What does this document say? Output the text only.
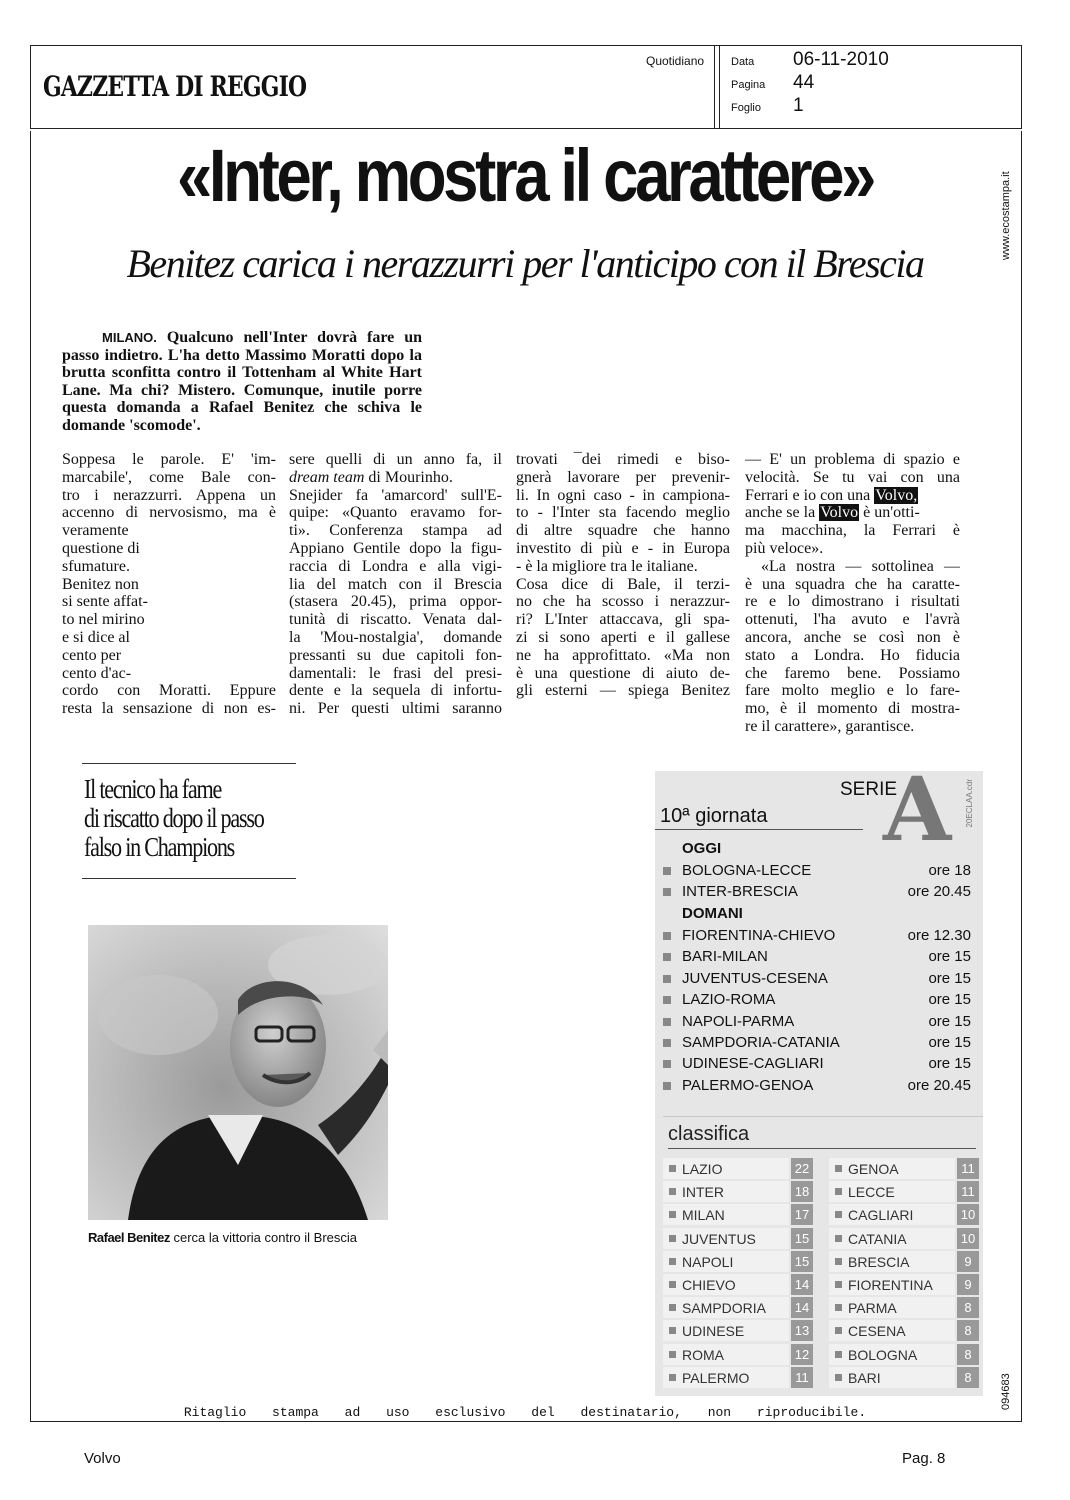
GAZZETTA DI REGGIO
Quotidiano Data 06-11-2010
Pagina 44
Foglio 1
www.ecostampa.it
094683
«Inter, mostra il carattere»
Benitez carica i nerazzurri per l'anticipo con il Brescia
MILANO. Qualcuno nell'Inter dovrà fare un passo indietro. L'ha detto Massimo Moratti dopo la brutta sconfitta contro il Tottenham al White Hart Lane. Ma chi? Mistero. Comunque, inutile porre questa domanda a Rafael Benitez che schiva le domande 'scomode'.

Soppesa le parole. E' 'im-

marcabile', come Bale con-

tro i nerazzurri. Appena un

accenno di nervosismo, ma è

veramente

questione di

sfumature.

Benitez non

si sente affat-

to nel mirino

e si dice al

cento per

cento d'ac-

cordo con Moratti. Eppure

resta la sensazione di non es-

sere quelli di un anno fa, il

dream team di Mourinho.

Snejider fa 'amarcord' sull'E-

quipe: «Quanto eravamo for-

ti». Conferenza stampa ad

Appiano Gentile dopo la figu-

raccia di Londra e alla vigi-

lia del match con il Brescia

(stasera 20.45), prima oppor-

tunità di riscatto. Venata dal-

la 'Mou-nostalgia', domande

pressanti su due capitoli fon-

damentali: le frasi del presi-

dente e la sequela di infortu-

ni. Per questi ultimi saranno

trovati ¯dei rimedi e biso-

gnerà lavorare per prevenir-

li. In ogni caso - in campiona-

to - l'Inter sta facendo meglio

di altre squadre che hanno

investito di più e - in Europa

- è la migliore tra le italiane.

Cosa dice di Bale, il terzi-

no che ha scosso i nerazzur-

ri? L'Inter attaccava, gli spa-

zi si sono aperti e il gallese

ne ha approfittato. «Ma non

è una questione di aiuto de-

gli esterni — spiega Benitez

— E' un problema di spazio e

velocità. Se tu vai con una

Ferrari e io con una Volvo,

anche se la Volvo è un'otti-

ma macchina, la Ferrari è

più veloce».

«La nostra — sottolinea —

è una squadra che ha caratte-

re e lo dimostrano i risultati

ottenuti, l'ha avuto e l'avrà

ancora, anche se così non è

stato a Londra. Ho fiducia

che faremo bene. Possiamo

fare molto meglio e lo fare-

mo, è il momento di mostra-

re il carattere», garantisce.

Il tecnico ha fame

di riscatto dopo il passo

falso in Champions

Rafael Benitez cerca la vittoria contro il Brescia
SERIE
A 20ECLAA.cdr
10ª giornata
OGGI
BOLOGNA-LECCE	ore 18
INTER-BRESCIA	ore 20.45
DOMANI
FIORENTINA-CHIEVO	ore 12.30
BARI-MILAN	ore 15
JUVENTUS-CESENA	ore 15
LAZIO-ROMA	ore 15
NAPOLI-PARMA	ore 15
SAMPDORIA-CATANIA	ore 15
UDINESE-CAGLIARI	ore 15
PALERMO-GENOA	ore 20.45
classifica
LAZIO	22
INTER	18
MILAN	17
JUVENTUS	15
NAPOLI	15
CHIEVO	14
SAMPDORIA 14
UDINESE	13
ROMA	12
PALERMO	11
GENOA	11
LECCE	11
CAGLIARI	10
CATANIA	10
BRESCIA	9
FIORENTINA	9
PARMA	8
CESENA	8
BOLOGNA	8
BARI	8
Ritaglio stampa ad uso esclusivo del destinatario, non riproducibile.
Volvo	Pag. 8
